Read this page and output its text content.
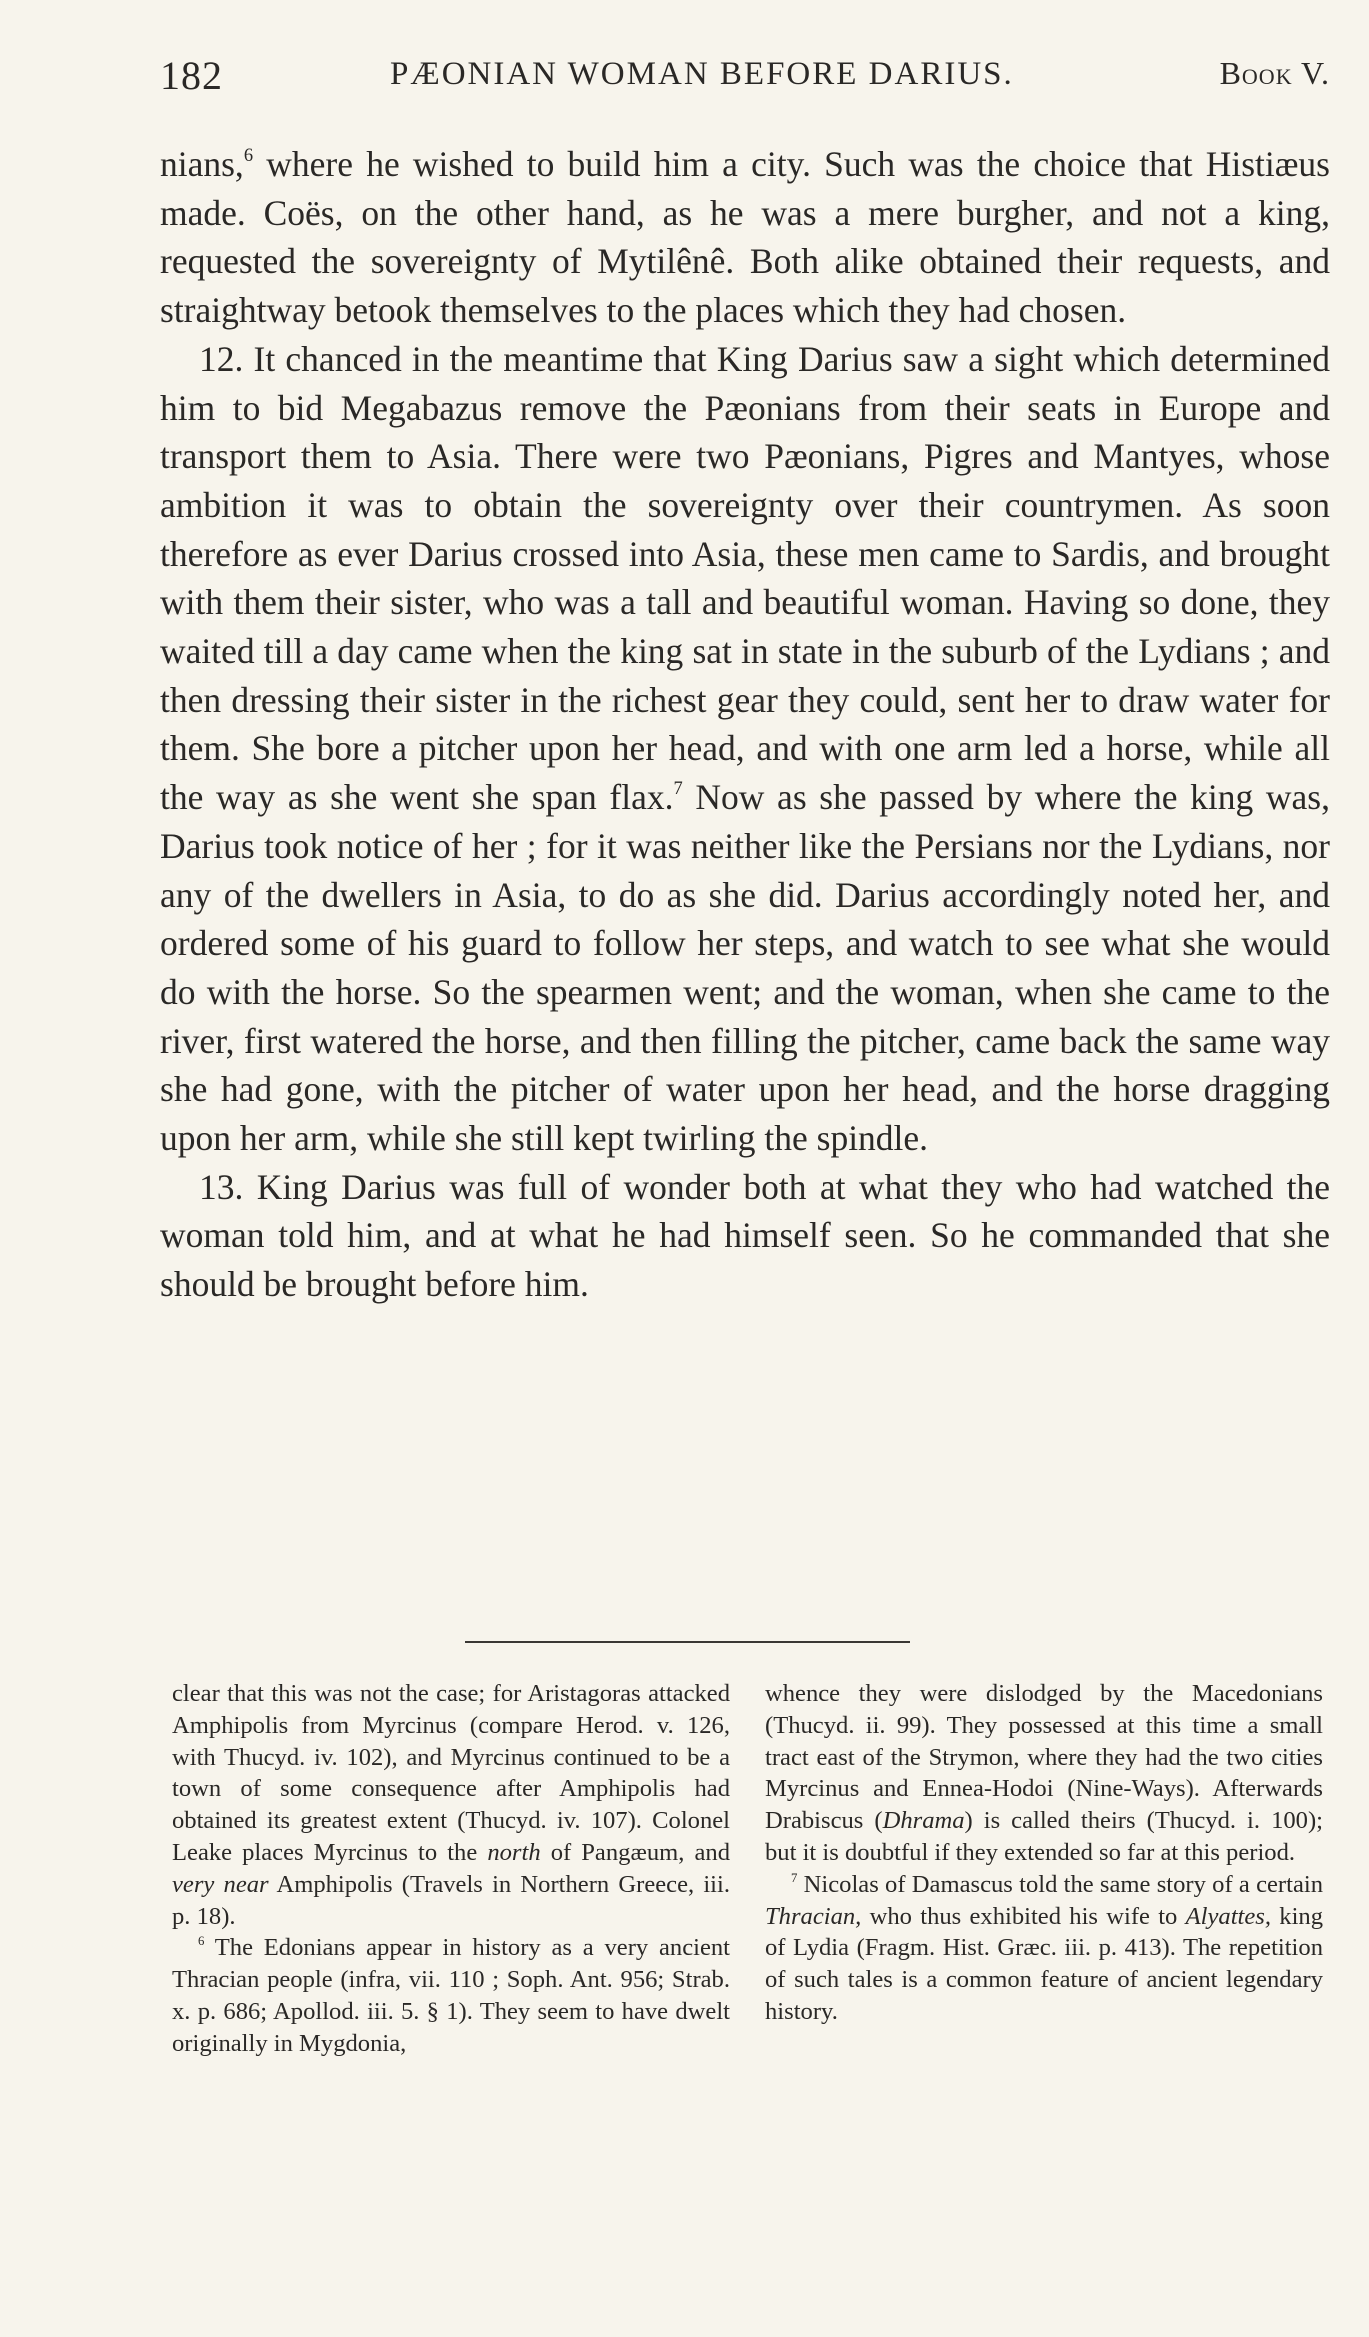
182	PÆONIAN WOMAN BEFORE DARIUS.	Book V.

nians,$^6$ where he wished to build him a city. Such was the choice that Histiæus made. Coës, on the other hand, as he was a mere burgher, and not a king, requested the sovereignty of Mytilênê. Both alike obtained their requests, and straightway betook themselves to the places which they had chosen.

12. It chanced in the meantime that King Darius saw a sight which determined him to bid Megabazus remove the Pæonians from their seats in Europe and transport them to Asia. There were two Pæonians, Pigres and Mantyes, whose ambition it was to obtain the sovereignty over their countrymen. As soon therefore as ever Darius crossed into Asia, these men came to Sardis, and brought with them their sister, who was a tall and beautiful woman. Having so done, they waited till a day came when the king sat in state in the suburb of the Lydians ; and then dressing their sister in the richest gear they could, sent her to draw water for them. She bore a pitcher upon her head, and with one arm led a horse, while all the way as she went she span flax.$^7$ Now as she passed by where the king was, Darius took notice of her ; for it was neither like the Persians nor the Lydians, nor any of the dwellers in Asia, to do as she did. Darius accordingly noted her, and ordered some of his guard to follow her steps, and watch to see what she would do with the horse. So the spearmen went; and the woman, when she came to the river, first watered the horse, and then filling the pitcher, came back the same way she had gone, with the pitcher of water upon her head, and the horse dragging upon her arm, while she still kept twirling the spindle.

13. King Darius was full of wonder both at what they who had watched the woman told him, and at what he had himself seen. So he commanded that she should be brought before him.

clear that this was not the case; for Aristagoras attacked Amphipolis from Myrcinus (compare Herod. v. 126, with Thucyd. iv. 102), and Myrcinus continued to be a town of some consequence after Amphipolis had obtained its greatest extent (Thucyd. iv. 107). Colonel Leake places Myrcinus to the north of Pangæum, and very near Amphipolis (Travels in Northern Greece, iii. p. 18).

$^6$ The Edonians appear in history as a very ancient Thracian people (infra, vii. 110 ; Soph. Ant. 956; Strab. x. p. 686; Apollod. iii. 5. § 1). They seem to have dwelt originally in Mygdonia,

whence they were dislodged by the Macedonians (Thucyd. ii. 99). They possessed at this time a small tract east of the Strymon, where they had the two cities Myrcinus and Ennea-Hodoi (Nine-Ways). Afterwards Drabiscus (Dhrama) is called theirs (Thucyd. i. 100); but it is doubtful if they extended so far at this period.

$^7$ Nicolas of Damascus told the same story of a certain Thracian, who thus exhibited his wife to Alyattes, king of Lydia (Fragm. Hist. Græc. iii. p. 413). The repetition of such tales is a common feature of ancient legendary history.
